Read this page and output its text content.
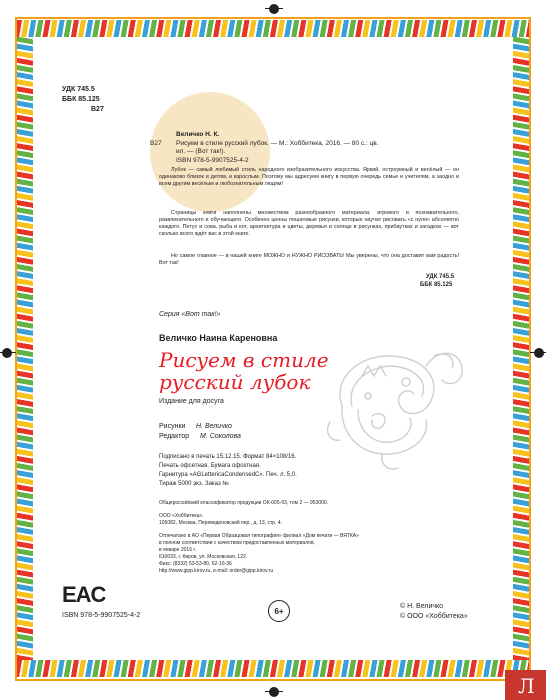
УДК 745.5
ББК 85.125
В27
Величко Н. К.
В27 Рисуем в стиле русский лубок. — М.: Хоббитека, 2016. — 80 с.: цв.
ил. — (Вот так!).
ISBN 978-5-9907525-4-2
Лубок — самый любимый стиль народного изобразительного искусства. Яркий, остроумный и весёлый — он одинаково близок и детям, и взрослым. Поэтому мы адресуем книгу в первую очередь семье и учителям, а заодно и всем другим весёлым и любознательным людям!
Страницы книги наполнены множеством разнообразного материала: игрового и познавательного, развлекательного и обучающего. Особенно ценны пошаговые рисунки, которые научат рисовать «с нуля» абсолютно каждого. Петух и сова, рыба и кот, архитектура и цветы, деревья и солнце в рисунках, прибаутках и загадках — вот сколько всего ждёт вас в этой книге.
Но самое главное — в нашей книге МОЖНО и НУЖНО РИСОВАТЬ! Мы уверены, что она доставит вам радость! Вот так!
УДК 745.5
ББК 85.125
Серия «Вот так!»
Величко Наина Кареновна
Рисуем в стиле
русский лубок
Издание для досуга
Рисунки Н. Величко
Редактор М. Соколова
Подписано в печать 15.12.15. Формат 84×108/16.
Печать офсетная. Бумага офсетная.
Гарнитура «AGLettericaCondensedC». Печ. л. 5,0.
Тираж 5000 экз. Заказ №
Общероссийский классификатор продукции ОК-005-93, том 2 — 953000.
ООО «Хоббитека».
105082, Москва, Переведеновский пер., д. 13, стр. 4.
Отпечатано в АО «Первая Образцовая типография» филиал «Дом печати — ВЯТКА»
в полном соответствии с качеством предоставленных материалов,
в январе 2016 г.
610033, г. Киров, ул. Московская, 122.
Факс: (8332) 53-53-80, 62-10-36
http://www.gipp.kirov.ru, e-mail: order@gipp.kirov.ru
EAC
ISBN 978-5-9907525-4-2	6+	© Н. Величко
© ООО «Хоббитека»
Л
